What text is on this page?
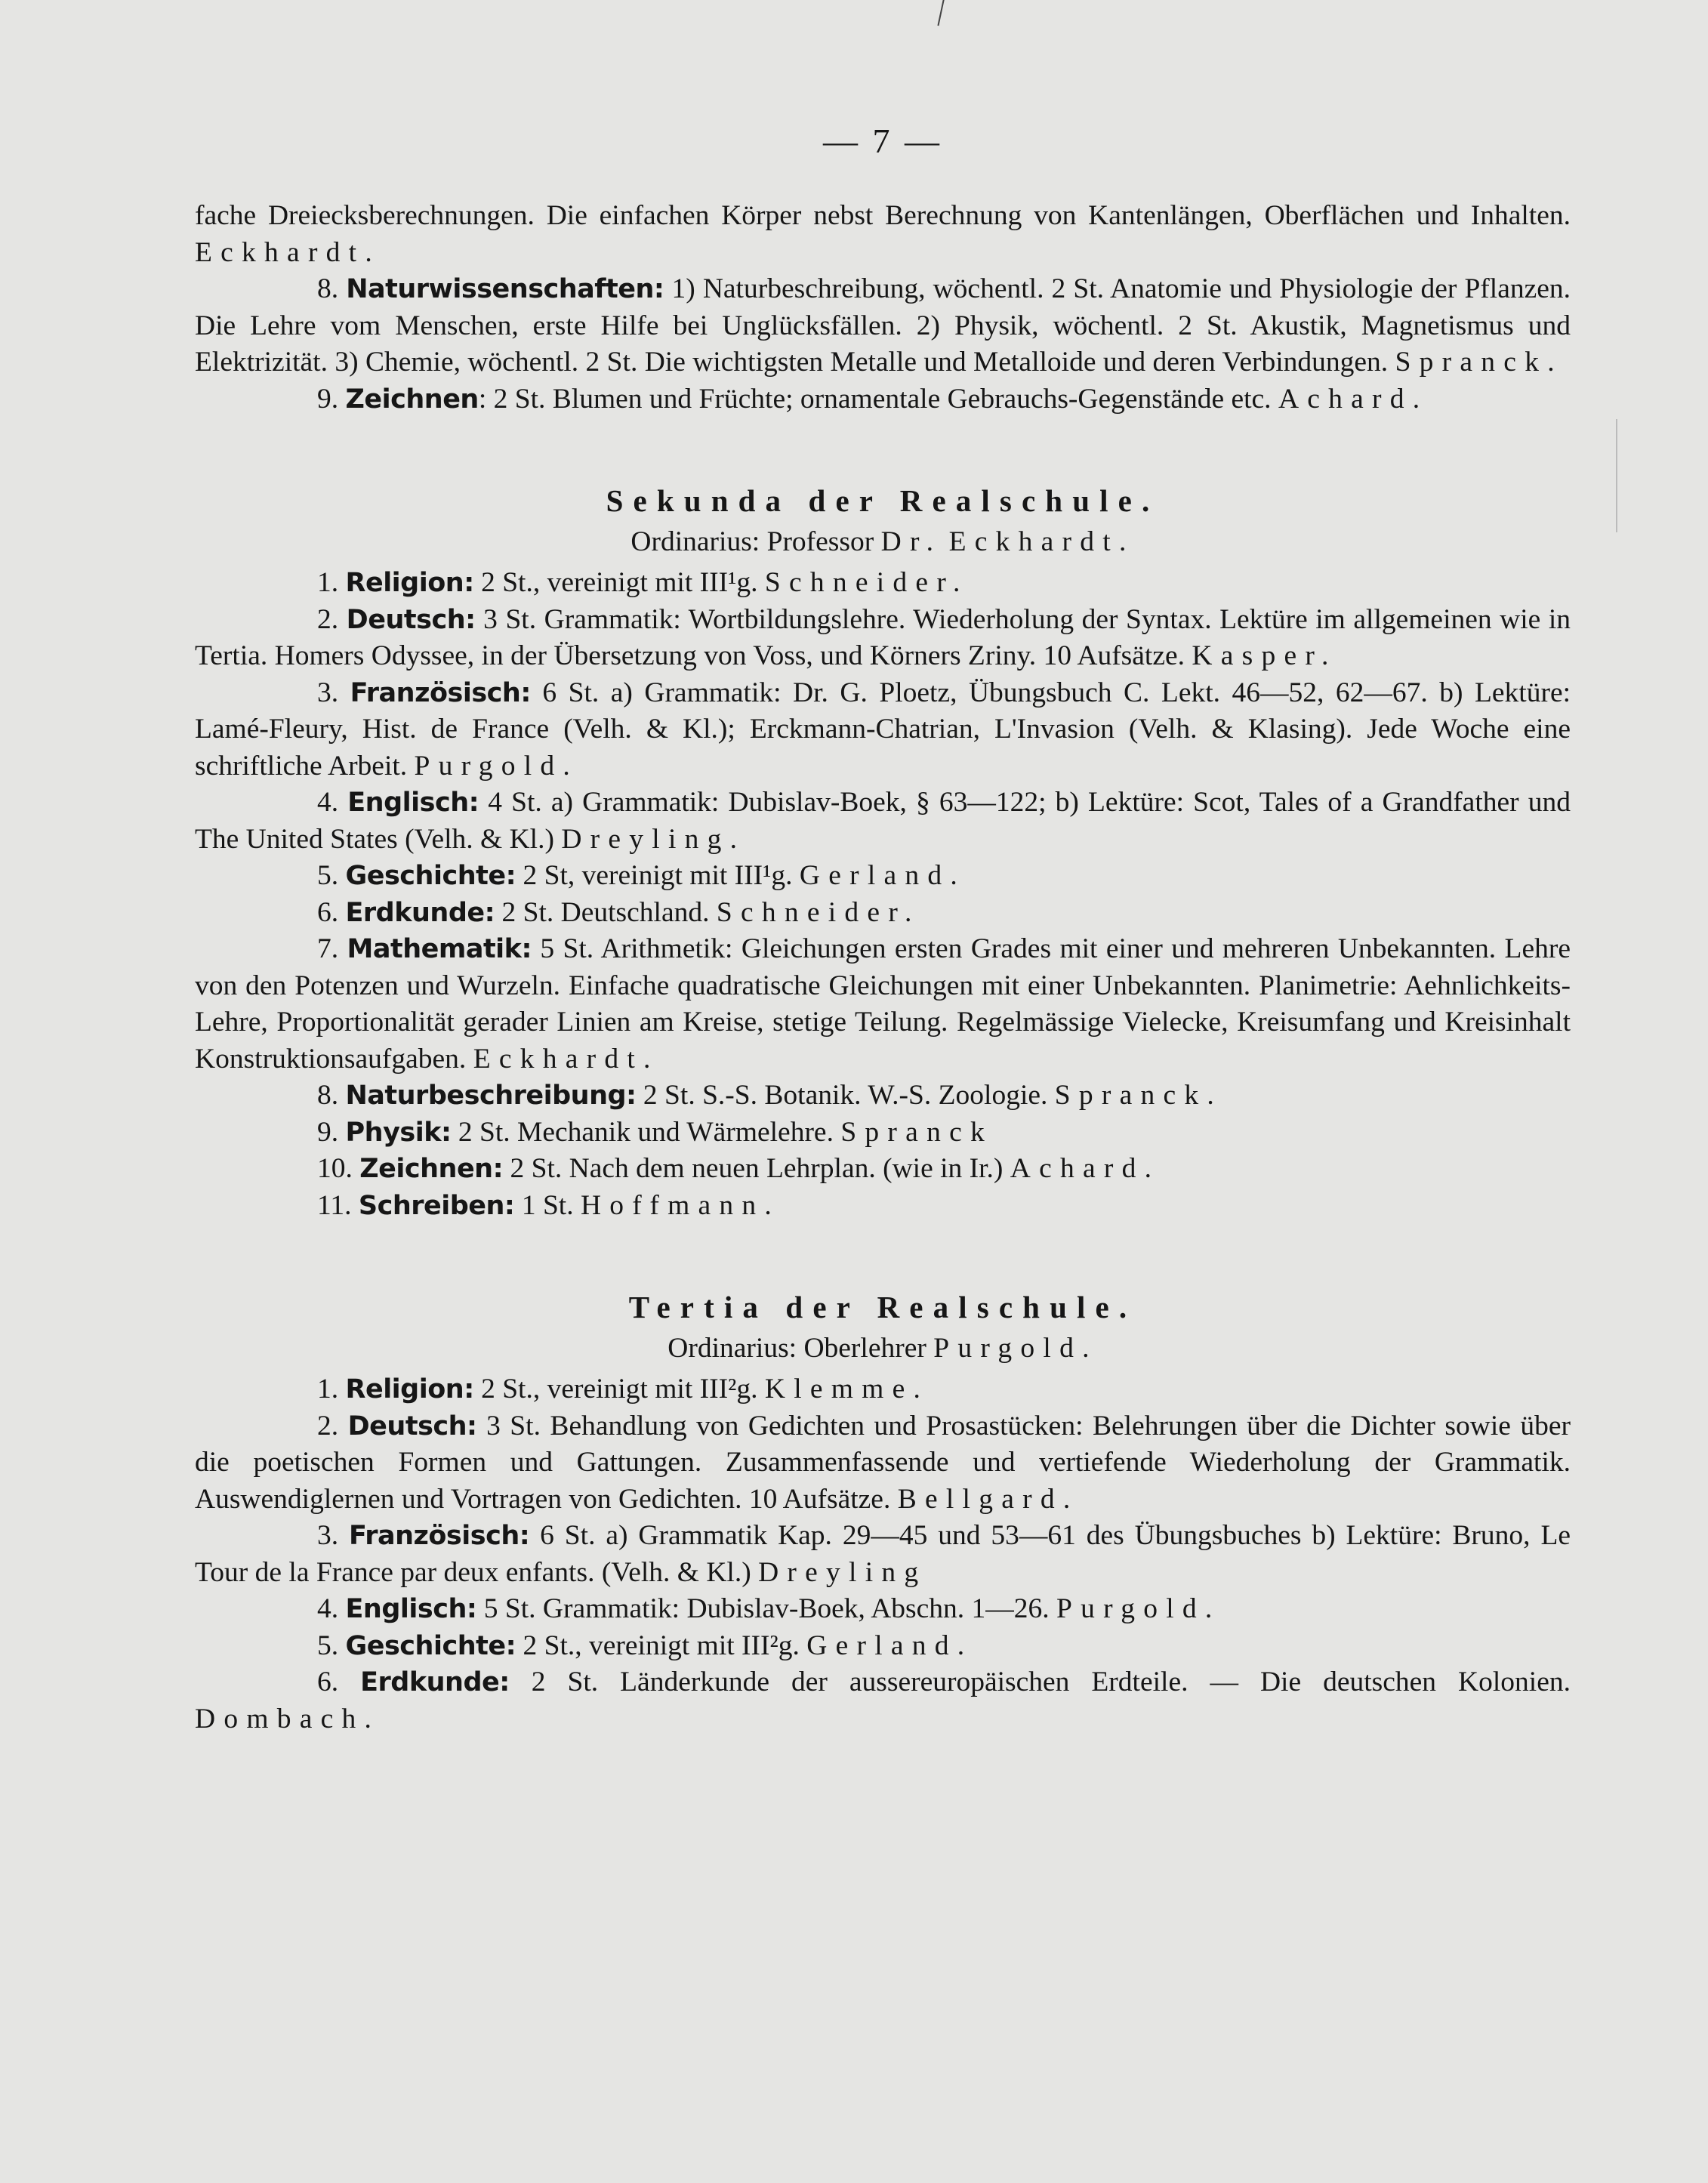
— 7 —

fache Dreiecksberechnungen. Die einfachen Körper nebst Berechnung von Kantenlängen, Oberflächen und Inhalten. Eckhardt.

8. Naturwissenschaften: 1) Naturbeschreibung, wöchentl. 2 St. Anatomie und Physiologie der Pflanzen. Die Lehre vom Menschen, erste Hilfe bei Unglücksfällen. 2) Physik, wöchentl. 2 St. Akustik, Magnetismus und Elektrizität. 3) Chemie, wöchentl. 2 St. Die wichtigsten Metalle und Metalloide und deren Verbindungen. Spranck.

9. Zeichnen: 2 St. Blumen und Früchte; ornamentale Gebrauchs-Gegenstände etc. Achard.

Sekunda der Realschule.
Ordinarius: Professor Dr. Eckhardt.

1. Religion: 2 St., vereinigt mit III¹g. Schneider.

2. Deutsch: 3 St. Grammatik: Wortbildungslehre. Wiederholung der Syntax. Lektüre im allgemeinen wie in Tertia. Homers Odyssee, in der Übersetzung von Voss, und Körners Zriny. 10 Aufsätze. Kasper.

3. Französisch: 6 St. a) Grammatik: Dr. G. Ploetz, Übungsbuch C. Lekt. 46—52, 62—67. b) Lektüre: Lamé-Fleury, Hist. de France (Velh. & Kl.); Erckmann-Chatrian, L'Invasion (Velh. & Klasing). Jede Woche eine schriftliche Arbeit. Purgold.

4. Englisch: 4 St. a) Grammatik: Dubislav-Boek, § 63—122; b) Lektüre: Scot, Tales of a Grandfather und The United States (Velh. & Kl.) Dreyling.

5. Geschichte: 2 St, vereinigt mit III¹g. Gerland.

6. Erdkunde: 2 St. Deutschland. Schneider.

7. Mathematik: 5 St. Arithmetik: Gleichungen ersten Grades mit einer und mehreren Unbekannten. Lehre von den Potenzen und Wurzeln. Einfache quadratische Gleichungen mit einer Unbekannten. Planimetrie: Aehnlichkeits-Lehre, Proportionalität gerader Linien am Kreise, stetige Teilung. Regelmässige Vielecke, Kreisumfang und Kreisinhalt Konstruktionsaufgaben. Eckhardt.

8. Naturbeschreibung: 2 St. S.-S. Botanik. W.-S. Zoologie. Spranck.

9. Physik: 2 St. Mechanik und Wärmelehre. Spranck

10. Zeichnen: 2 St. Nach dem neuen Lehrplan. (wie in Ir.) Achard.

11. Schreiben: 1 St. Hoffmann.

Tertia der Realschule.
Ordinarius: Oberlehrer Purgold.

1. Religion: 2 St., vereinigt mit III²g. Klemme.

2. Deutsch: 3 St. Behandlung von Gedichten und Prosastücken: Belehrungen über die Dichter sowie über die poetischen Formen und Gattungen. Zusammenfassende und vertiefende Wiederholung der Grammatik. Auswendiglernen und Vortragen von Gedichten. 10 Aufsätze. Bellgard.

3. Französisch: 6 St. a) Grammatik Kap. 29—45 und 53—61 des Übungsbuches b) Lektüre: Bruno, Le Tour de la France par deux enfants. (Velh. & Kl.) Dreyling

4. Englisch: 5 St. Grammatik: Dubislav-Boek, Abschn. 1—26. Purgold.

5. Geschichte: 2 St., vereinigt mit III²g. Gerland.

6. Erdkunde: 2 St. Länderkunde der aussereuropäischen Erdteile. — Die deutschen Kolonien. Dombach.
